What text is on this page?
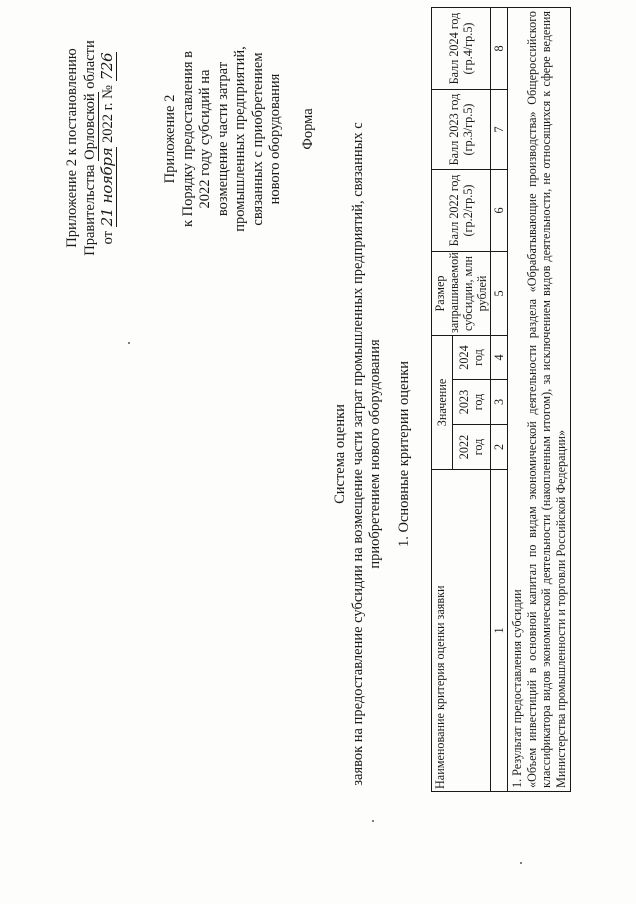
Приложение 2 к постановлению Правительства Орловской области
от 21 ноября 2022 г. № 726
Приложение 2 к Порядку предоставления в 2022 году субсидий на возмещение части затрат промышленных предприятий, связанных с приобретением нового оборудования Форма
Система оценки заявок на предоставление субсидии на возмещение части затрат промышленных предприятий, связанных с приобретением нового оборудования 1. Основные критерии оценки
Наименование критерия оценки заявки	Значение			Размер запрашиваемой субсидии, млн рублей	Балл 2022 год (гр.2/гр.5)	Балл 2023 год (гр.3/гр.5)	Балл 2024 год (гр.4/гр.5)
	2022 год	2023 год	2024 год				
1	2	3	4	5	6	7	8

1. Результат предоставления субсидии «Объем инвестиций в основной капитал по видам экономической деятельности раздела «Обрабатывающие производства» Общероссийского классификатора видов экономической деятельности (накопленным итогом), за исключением видов деятельности, не относящихся к сфере ведения Министерства промышленности и торговли Российской Федерации»							
